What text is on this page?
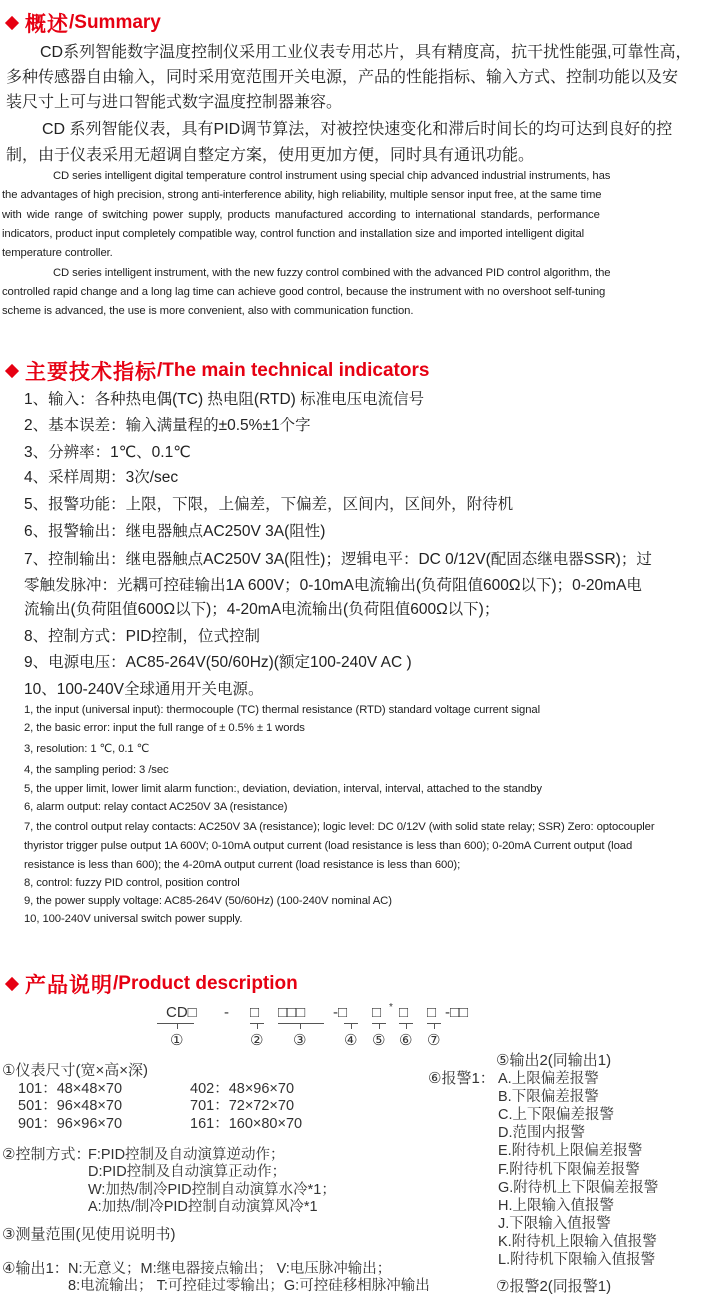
概述 /Summary
CD系列智能数字温度控制仪采用工业仪表专用芯片，具有精度高，抗干扰性能强,可靠性高，
多种传感器自由输入，同时采用宽范围开关电源，产品的性能指标、输入方式、控制功能以及安
装尺寸上可与进口智能式数字温度控制器兼容。
CD 系列智能仪表，具有PID调节算法，对被控快速变化和滞后时间长的均可达到良好的控
制，由于仪表采用无超调自整定方案，使用更加方便，同时具有通讯功能。
CD series intelligent digital temperature control instrument using special chip advanced industrial instruments, has
the advantages of high precision, strong anti-interference ability, high reliability, multiple sensor input free, at the same time
with wide range of switching power supply, products manufactured according to international standards, performance
indicators, product input completely compatible way, control function and installation size and imported intelligent digital
temperature controller.
CD series intelligent instrument, with the new fuzzy control combined with the advanced PID control algorithm, the
controlled rapid change and a long lag time can achieve good control, because the instrument with no overshoot self-tuning
scheme is advanced, the use is more convenient, also with communication function.
主要技术指标 /The main technical indicators
1、输入：各种热电偶(TC) 热电阻(RTD) 标准电压电流信号
2、基本误差：输入满量程的±0.5%±1个字
3、分辨率：1℃、0.1℃
4、采样周期：3次/sec
5、报警功能：上限，下限，上偏差，下偏差，区间内，区间外，附待机
6、报警输出：继电器触点AC250V 3A(阻性)
7、控制输出：继电器触点AC250V 3A(阻性)；逻辑电平：DC 0/12V(配固态继电器SSR)；过
零触发脉冲：光耦可控硅输出1A 600V；0-10mA电流输出(负荷阻值600Ω以下)；0-20mA电
流输出(负荷阻值600Ω以下)；4-20mA电流输出(负荷阻值600Ω以下)；
8、控制方式：PID控制，位式控制
9、电源电压：AC85-264V(50/60Hz)(额定100-240V AC )
10、100-240V全球通用开关电源。
1, the input (universal input): thermocouple (TC) thermal resistance (RTD) standard voltage current signal
2, the basic error: input the full range of ± 0.5% ± 1 words
3, resolution: 1 ℃, 0.1 ℃
4, the sampling period: 3 /sec
5, the upper limit, lower limit alarm function:, deviation, deviation, interval, interval, attached to the standby
6, alarm output: relay contact AC250V 3A (resistance)
7, the control output relay contacts: AC250V 3A (resistance); logic level: DC 0/12V (with solid state relay; SSR) Zero: optocoupler
thyristor trigger pulse output 1A 600V; 0-10mA output current (load resistance is less than 600); 0-20mA Current output (load
resistance is less than 600); the 4-20mA output current (load resistance is less than 600);
8, control: fuzzy PID control, position control
9, the power supply voltage: AC85-264V (50/60Hz) (100-240V nominal AC)
10, 100-240V universal switch power supply.
产品说明 /Product description
CD□ - □ □□□ -□ □ * □ □ -□□
①	② ③	④ ⑤ ⑥ ⑦
①仪表尺寸(宽×高×深)
101：48×48×70
501：96×48×70
901：96×96×70
402：48×96×70
701：72×72×70
161：160×80×70
②控制方式：
F:PID控制及自动演算逆动作；
D:PID控制及自动演算正动作；
W:加热/制冷PID控制自动演算水冷*1；
A:加热/制冷PID控制自动演算风冷*1
③测量范围(见使用说明书)
④输出1： N:无意义；M:继电器接点输出； V:电压脉冲输出；
8:电流输出； T:可控硅过零输出；G:可控硅移相脉冲输出
⑤输出2(同输出1)
⑥报警1： A.上限偏差报警
B.下限偏差报警
C.上下限偏差报警
D.范围内报警
E.附待机上限偏差报警
F.附待机下限偏差报警
G.附待机上下限偏差报警
H.上限输入值报警
J.下限输入值报警
K.附待机上限输入值报警
L.附待机下限输入值报警
⑦报警2(同报警1)
